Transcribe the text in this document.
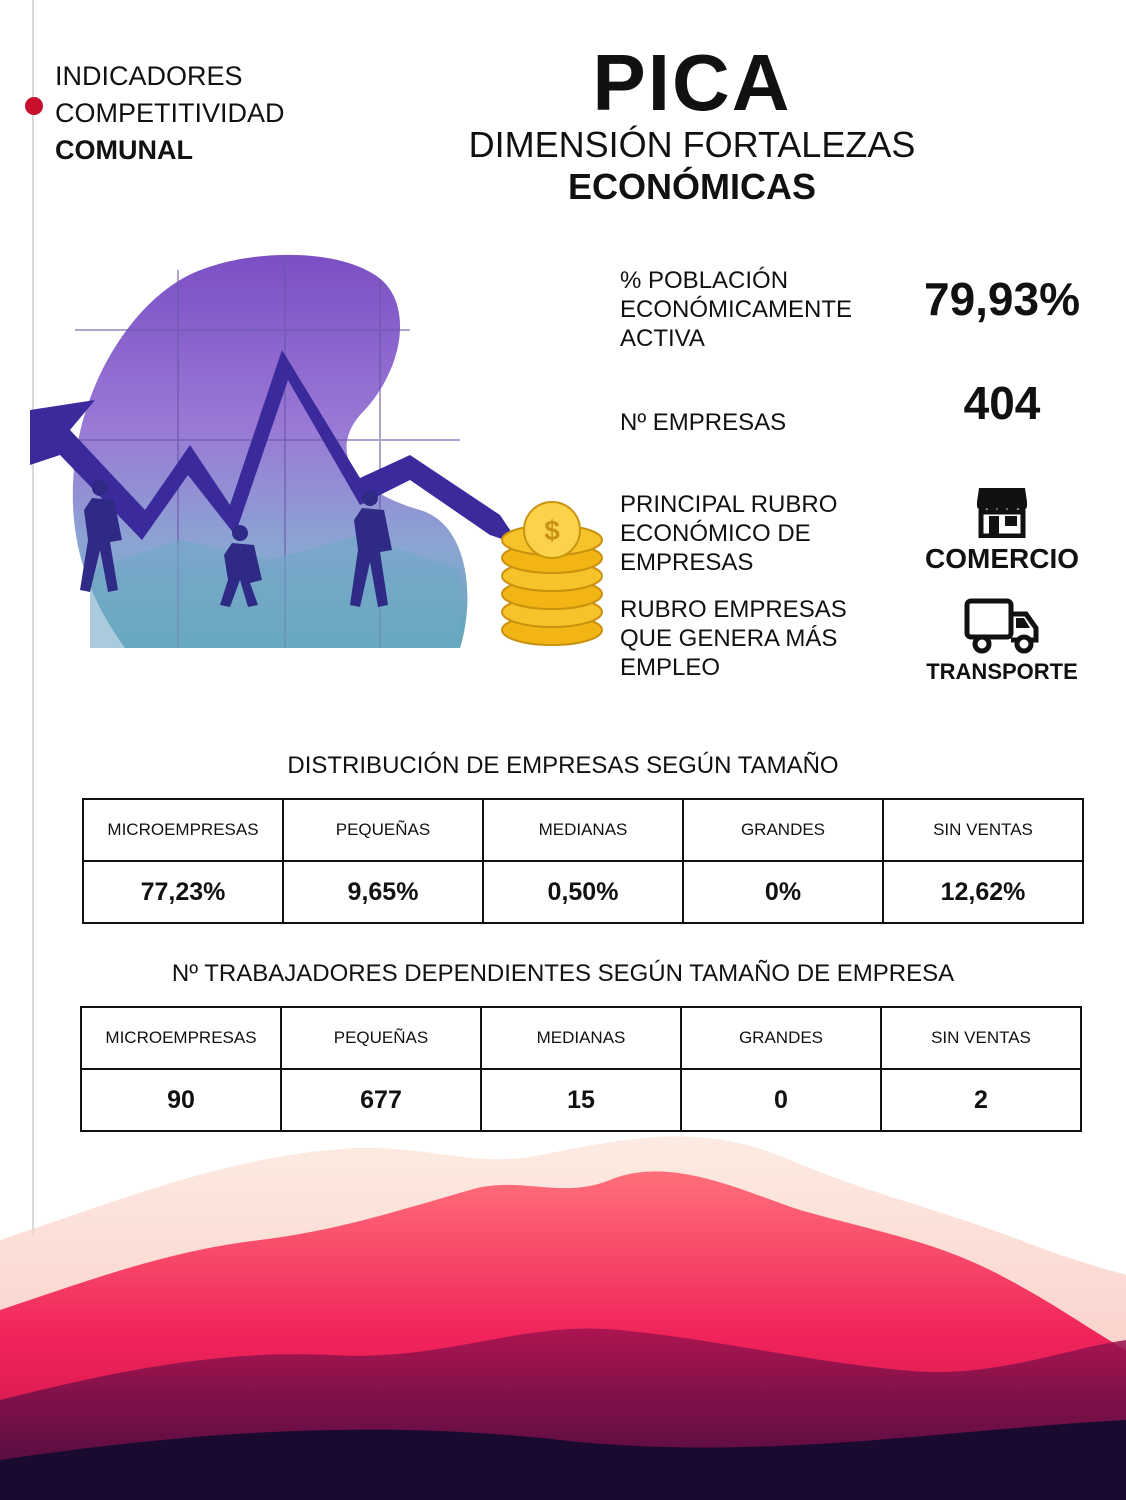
INDICADORES
COMPETITIVIDAD
COMUNAL
PICA
DIMENSIÓN FORTALEZAS
ECONÓMICAS
$
% POBLACIÓN
ECONÓMICAMENTE
ACTIVA
79,93%
Nº EMPRESAS	404
PRINCIPAL RUBRO
ECONÓMICO DE
EMPRESAS	COMERCIO
RUBRO EMPRESAS
QUE GENERA MÁS
EMPLEO	TRANSPORTE
DISTRIBUCIÓN DE EMPRESAS SEGÚN TAMAÑO
MICROEMPRESAS	PEQUEÑAS	MEDIANAS	GRANDES	SIN VENTAS
77,23%	9,65%	0,50%	0%	12,62%
Nº TRABAJADORES DEPENDIENTES SEGÚN TAMAÑO DE EMPRESA
MICROEMPRESAS	PEQUEÑAS	MEDIANAS	GRANDES	SIN VENTAS
90	677	15	0	2
